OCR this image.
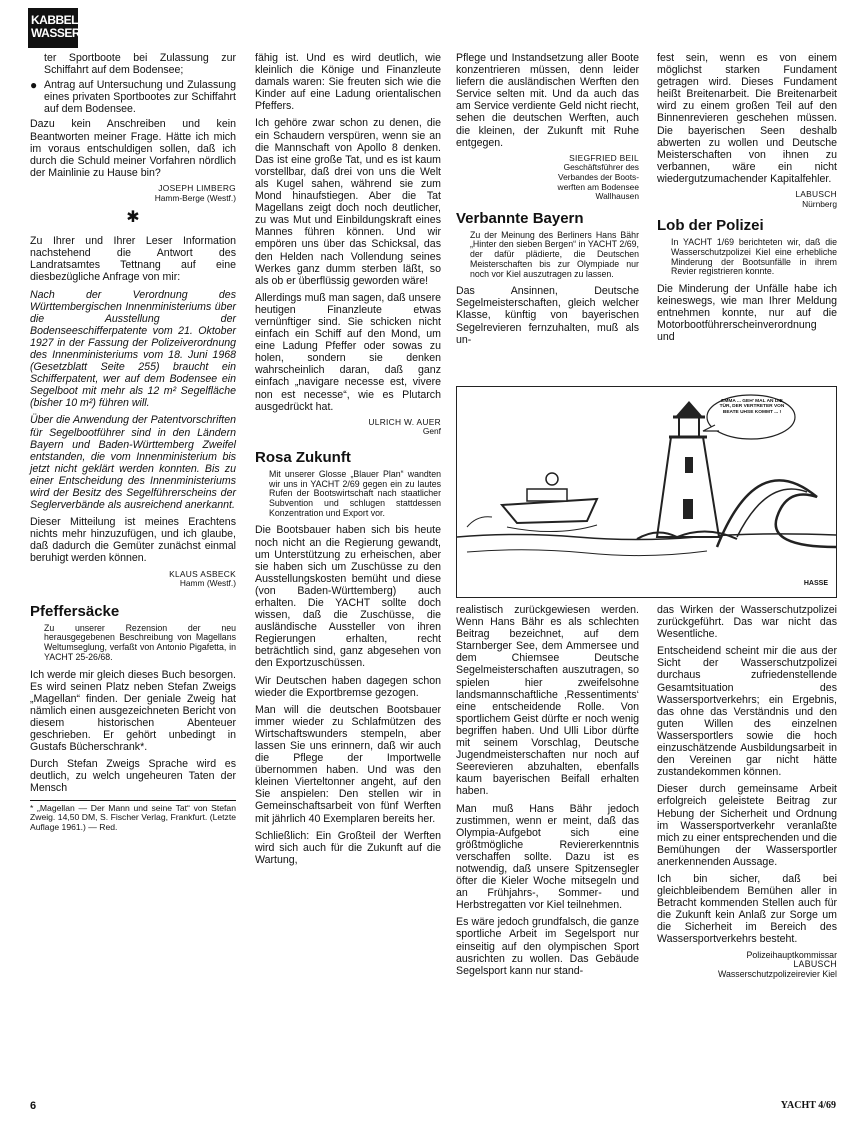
KABBEL
WASSER
ter Sportboote bei Zulassung zur Schiffahrt auf dem Bodensee;
● Antrag auf Untersuchung und Zulassung eines privaten Sportbootes zur Schiffahrt auf dem Bodensee.

Dazu kein Anschreiben und kein Beantworten meiner Frage. Hätte ich mich im voraus entschuldigen sollen, daß ich durch die Schuld meiner Vorfahren nördlich der Mainlinie zu Hause bin?

JOSEPH LIMBERG
Hamm-Berge (Westf.)
✱

Zu Ihrer und Ihrer Leser Information nachstehend die Antwort des Landratsamtes Tettnang auf eine diesbezügliche Anfrage von mir:

Nach der Verordnung des Württembergischen Innenministeriums über die Ausstellung der Bodenseeschifferpatente vom 21. Oktober 1927 in der Fassung der Polizeiverordnung des Innenministeriums vom 18. Juni 1968 (Gesetzblatt Seite 255) braucht ein Schifferpatent, wer auf dem Bodensee ein Segelboot mit mehr als 12 m² Segelfläche (bisher 10 m²) führen will.

Über die Anwendung der Patentvorschriften für Segelbootführer sind in den Ländern Bayern und Baden-Württemberg Zweifel entstanden, die vom Innenministerium bis jetzt nicht geklärt werden konnten. Bis zu einer Entscheidung des Innenministeriums wird der Besitz des Segelführerscheins der Seglerverbände als ausreichend anerkannt.

Dieser Mitteilung ist meines Erachtens nichts mehr hinzuzufügen, und ich glaube, daß dadurch die Gemüter zunächst einmal beruhigt werden können.

KLAUS ASBECK
Hamm (Westf.)
Pfeffersäcke
Zu unserer Rezension der neu herausgegebenen Beschreibung von Magellans Weltumseglung, verfaßt von Antonio Pigafetta, in YACHT 25-26/68.

Ich werde mir gleich dieses Buch besorgen. Es wird seinen Platz neben Stefan Zweigs „Magellan“ finden. Der geniale Zweig hat nämlich einen ausgezeichneten Bericht von diesem historischen Abenteuer geschrieben. Er gehört unbedingt in Gustafs Bücherschrank*.

Durch Stefan Zweigs Sprache wird es deutlich, zu welch ungeheuren Taten der Mensch

* „Magellan — Der Mann und seine Tat“ von Stefan Zweig. 14,50 DM, S. Fischer Verlag, Frankfurt. (Letzte Auflage 1961.) — Red.

fähig ist. Und es wird deutlich, wie kleinlich die Könige und Finanzleute damals waren: Sie freuten sich wie die Kinder auf eine Ladung orientalischen Pfeffers.

Ich gehöre zwar schon zu denen, die ein Schaudern verspüren, wenn sie an die Mannschaft von Apollo 8 denken. Das ist eine große Tat, und es ist kaum vorstellbar, daß drei von uns die Welt als Kugel sahen, während sie zum Mond hinaufstiegen. Aber die Tat Magellans zeigt doch noch deutlicher, zu was Mut und Einbildungskraft eines Mannes führen können. Und wir empören uns über das Schicksal, das den Helden nach Vollendung seines Werkes ganz dumm sterben läßt, so als ob er überflüssig geworden wäre!

Allerdings muß man sagen, daß unsere heutigen Finanzleute etwas vernünftiger sind. Sie schicken nicht einfach ein Schiff auf den Mond, um eine Ladung Pfeffer oder sowas zu holen, sondern sie denken wahrscheinlich daran, daß ganz einfach „navigare necesse est, vivere non est necesse“, wie es Plutarch ausgedrückt hat.

ULRICH W. AUER
Genf
Rosa Zukunft
Mit unserer Glosse „Blauer Plan“ wandten wir uns in YACHT 2/69 gegen ein zu lautes Rufen der Bootswirtschaft nach staatlicher Subvention und schlugen stattdessen Konzentration und Export vor.

Die Bootsbauer haben sich bis heute noch nicht an die Regierung gewandt, um Unterstützung zu erheischen, aber sie haben sich um Zuschüsse zu den Ausstellungskosten bemüht und diese (von Baden-Württemberg) auch erhalten. Die YACHT sollte doch wissen, daß die Zuschüsse, die ausländische Aussteller von ihren Regierungen erhalten, recht beträchtlich sind, ganz abgesehen von den Exportzuschüssen.

Wir Deutschen haben dagegen schon wieder die Exportbremse gezogen.

Man will die deutschen Bootsbauer immer wieder zu Schlafmützen des Wirtschaftswunders stempeln, aber lassen Sie uns erinnern, daß wir auch die Pflege der Importwelle übernommen haben. Und was den kleinen Vierteltonner angeht, auf den Sie anspielen: Den stellen wir in Gemeinschaftsarbeit von fünf Werften mit jährlich 40 Exemplaren bereits her.

Schließlich: Ein Großteil der Werften wird sich auch für die Zukunft auf die Wartung,

Pflege und Instandsetzung aller Boote konzentrieren müssen, denn leider liefern die ausländischen Werften den Service selten mit. Und da auch das am Service verdiente Geld nicht riecht, sehen die deutschen Werften, auch die kleinen, der Zukunft mit Ruhe entgegen.

SIEGFRIED BEIL
Geschäftsführer des
Verbandes der Boots-
werften am Bodensee
Wallhausen
Verbannte Bayern
Zu der Meinung des Berliners Hans Bähr „Hinter den sieben Bergen“ in YACHT 2/69, der dafür plädierte, die Deutschen Meisterschaften bis zur Olympiade nur noch vor Kiel auszutragen zu lassen.

Das Ansinnen, Deutsche Segelmeisterschaften, gleich welcher Klasse, künftig von bayerischen Segelrevieren fernzuhalten, muß als un-

fest sein, wenn es von einem möglichst starken Fundament getragen wird. Dieses Fundament heißt Breitenarbeit. Die Breitenarbeit wird zu einem großen Teil auf den Binnenrevieren geschehen müssen. Die bayerischen Seen deshalb abwerten zu wollen und Deutsche Meisterschaften von ihnen zu verbannen, wäre ein nicht wiedergutzumachender Kapitalfehler.

LABUSCH
Nürnberg
Lob der Polizei
In YACHT 1/69 berichteten wir, daß die Wasserschutzpolizei Kiel eine erhebliche Minderung der Bootsunfälle in ihrem Revier registrieren konnte.

Die Minderung der Unfälle habe ich keineswegs, wie man Ihrer Meldung entnehmen konnte, nur auf die Motorbootführerscheinverordnung und

EMMA ... GEH' MAL AN DIE TÜR, DER VERTRETER VON BEATE UHSE KOMMT ... !
HASSE

realistisch zurückgewiesen werden. Wenn Hans Bähr es als schlechten Beitrag bezeichnet, auf dem Starnberger See, dem Ammersee und dem Chiemsee Deutsche Segelmeisterschaften auszutragen, so spielen hier zweifelsohne landsmannschaftliche ‚Ressentiments‘ eine entscheidende Rolle. Von sportlichem Geist dürfte er noch wenig begriffen haben. Und Ulli Libor dürfte mit seinem Vorschlag, Deutsche Jugendmeisterschaften nur noch auf Seerevieren abzuhalten, ebenfalls kaum bayerischen Beifall erhalten haben.

Man muß Hans Bähr jedoch zustimmen, wenn er meint, daß das Olympia-Aufgebot sich eine größtmögliche Reviererkenntnis verschaffen sollte. Dazu ist es notwendig, daß unsere Spitzensegler öfter die Kieler Woche mitsegeln und an Frühjahrs-, Sommer- und Herbstregatten vor Kiel teilnehmen.

Es wäre jedoch grundfalsch, die ganze sportliche Arbeit im Segelsport nur einseitig auf den olympischen Sport ausrichten zu wollen. Das Gebäude Segelsport kann nur stand-

das Wirken der Wasserschutzpolizei zurückgeführt. Das war nicht das Wesentliche.

Entscheidend scheint mir die aus der Sicht der Wasserschutzpolizei durchaus zufriedenstellende Gesamtsituation des Wassersportverkehrs; ein Ergebnis, das ohne das Verständnis und den guten Willen des einzelnen Wassersportlers sowie die hoch einzuschätzende Ausbildungsarbeit in den Vereinen gar nicht hätte zustandekommen können.

Dieser durch gemeinsame Arbeit erfolgreich geleistete Beitrag zur Hebung der Sicherheit und Ordnung im Wassersportverkehr veranlaßte mich zu einer entsprechenden und die Bemühungen der Wassersportler anerkennenden Aussage.

Ich bin sicher, daß bei gleichbleibendem Bemühen aller in Betracht kommenden Stellen auch für die Zukunft kein Anlaß zur Sorge um die Sicherheit im Bereich des Wassersportverkehrs besteht.

Polizeihauptkommissar
LABUSCH
Wasserschutzpolizeirevier Kiel
6	YACHT 4/69
